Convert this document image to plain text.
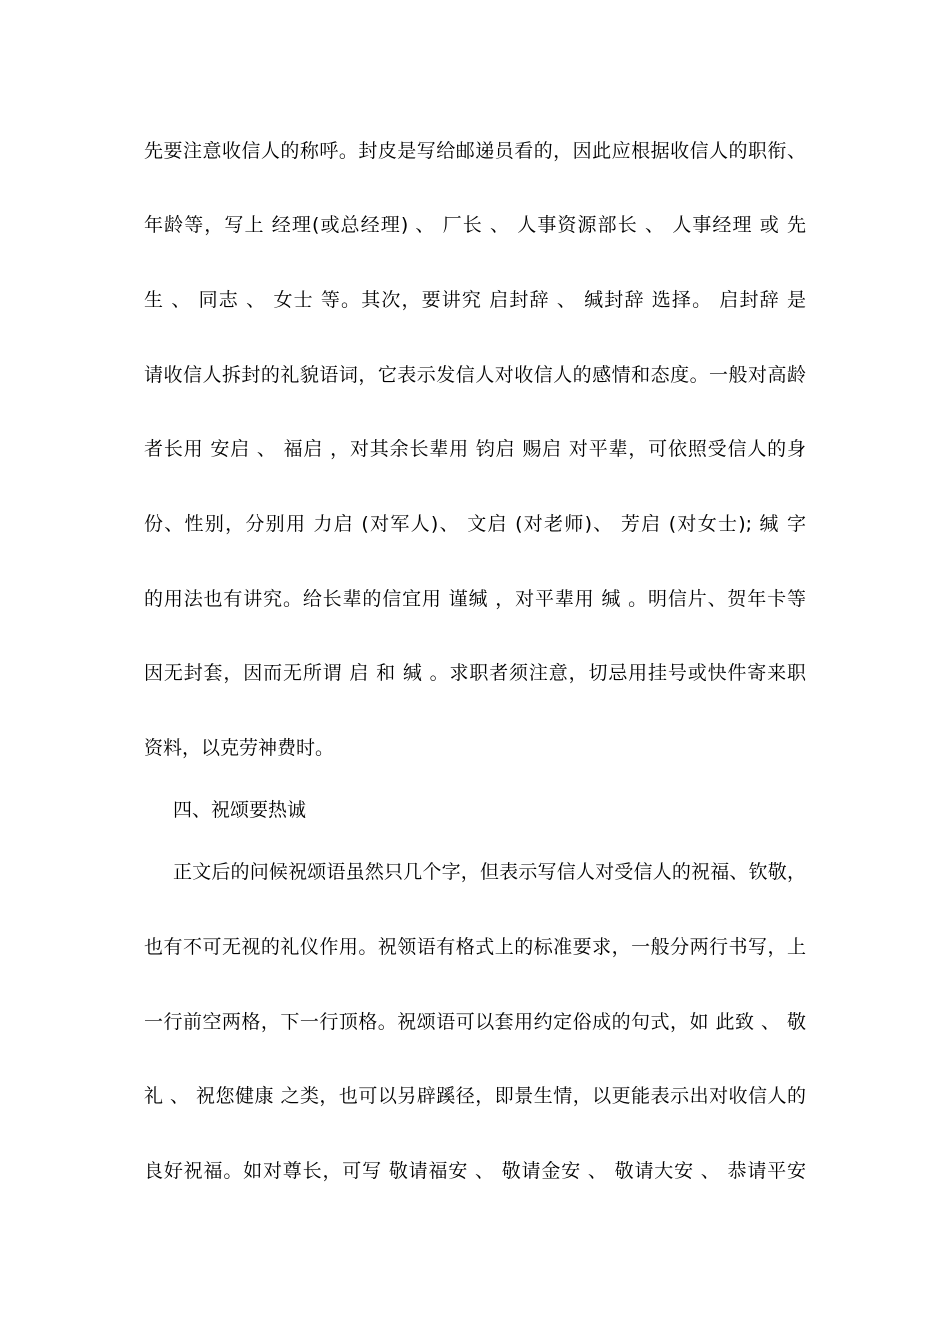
先要注意收信人的称呼。封皮是写给邮递员看的，因此应根据收信人的职衔、
年龄等，写上 经理(或总经理) 、 厂长 、 人事资源部长 、 人事经理 或 先
生 、 同志 、 女士 等。其次，要讲究 启封辞 、 缄封辞 选择。 启封辞 是
请收信人拆封的礼貌语词，它表示发信人对收信人的感情和态度。一般对高龄
者长用 安启 、 福启 ，对其余长辈用 钧启 赐启 对平辈，可依照受信人的身
份、性别，分别用 力启 (对军人)、 文启 (对老师)、 芳启 (对女士); 缄 字
的用法也有讲究。给长辈的信宜用 谨缄 ，对平辈用 缄 。明信片、贺年卡等
因无封套，因而无所谓 启 和 缄 。求职者须注意，切忌用挂号或快件寄来职
资料，以克劳神费时。
四、祝颂要热诚
正文后的问候祝颂语虽然只几个字，但表示写信人对受信人的祝福、钦敬，
也有不可无视的礼仪作用。祝领语有格式上的标准要求，一般分两行书写，上
一行前空两格，下一行顶格。祝颂语可以套用约定俗成的句式，如 此致 、 敬
礼 、 祝您健康 之类，也可以另辟蹊径，即景生情，以更能表示出对收信人的
良好祝福。如对尊长，可写 敬请福安 、 敬请金安 、 敬请大安 、 恭请平安
